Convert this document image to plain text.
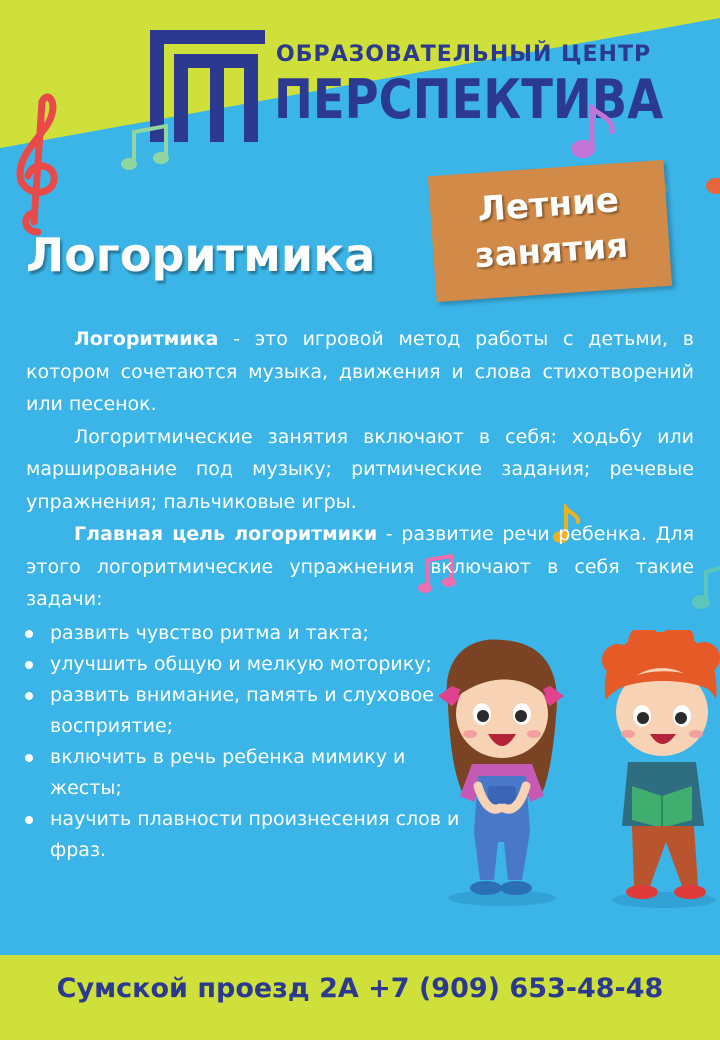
ОБРАЗОВАТЕЛЬНЫЙ ЦЕНТР
ПЕРСПЕКТИВА
Логоритмика
Летние
занятия

Логоритмика - это игровой метод работы с детьми, в котором сочетаются музыка, движения и слова стихотворений или песенок.

Логоритмические занятия включают в себя: ходьбу или марширование под музыку; ритмические задания; речевые упражнения; пальчиковые игры.

Главная цель логоритмики - развитие речи ребенка. Для этого логоритмические упражнения включают в себя такие задачи:

развить чувство ритма и такта;
улучшить общую и мелкую моторику;
развить внимание, память и слуховое восприятие;
включить в речь ребенка мимику и жесты;
научить плавности произнесения слов и фраз.
Сумской проезд 2А +7 (909) 653-48-48
